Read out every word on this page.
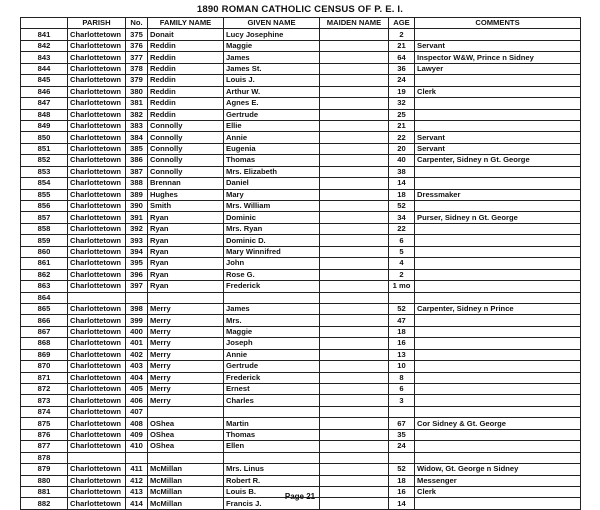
1890 ROMAN CATHOLIC CENSUS OF P. E. I.
	PARISH	No.	FAMILY NAME	GIVEN NAME	MAIDEN NAME	AGE	COMMENTS
841	Charlottetown	375	Donait	Lucy Josephine		2	
842	Charlottetown	376	Reddin	Maggie		21	Servant
843	Charlottetown	377	Reddin	James		64	Inspector W&W, Prince n Sidney
844	Charlottetown	378	Reddin	James St.		36	Lawyer
845	Charlottetown	379	Reddin	Louis J.		24	
846	Charlottetown	380	Reddin	Arthur W.		19	Clerk
847	Charlottetown	381	Reddin	Agnes E.		32	
848	Charlottetown	382	Reddin	Gertrude		25	
849	Charlottetown	383	Connolly	Ellie		21	
850	Charlottetown	384	Connolly	Annie		22	Servant
851	Charlottetown	385	Connolly	Eugenia		20	Servant
852	Charlottetown	386	Connolly	Thomas		40	Carpenter, Sidney n Gt. George
853	Charlottetown	387	Connolly	Mrs. Elizabeth		38	
854	Charlottetown	388	Brennan	Daniel		14	
855	Charlottetown	389	Hughes	Mary		18	Dressmaker
856	Charlottetown	390	Smith	Mrs. William		52	
857	Charlottetown	391	Ryan	Dominic		34	Purser, Sidney n Gt. George
858	Charlottetown	392	Ryan	Mrs. Ryan		22	
859	Charlottetown	393	Ryan	Dominic D.		6	
860	Charlottetown	394	Ryan	Mary Winnifred		5	
861	Charlottetown	395	Ryan	John		4	
862	Charlottetown	396	Ryan	Rose G.		2	
863	Charlottetown	397	Ryan	Frederick		1 mo	
864							
865	Charlottetown	398	Merry	James		52	Carpenter, Sidney n Prince
866	Charlottetown	399	Merry	Mrs.		47	
867	Charlottetown	400	Merry	Maggie		18	
868	Charlottetown	401	Merry	Joseph		16	
869	Charlottetown	402	Merry	Annie		13	
870	Charlottetown	403	Merry	Gertrude		10	
871	Charlottetown	404	Merry	Frederick		8	
872	Charlottetown	405	Merry	Ernest		6	
873	Charlottetown	406	Merry	Charles		3	
874	Charlottetown	407					
875	Charlottetown	408	OShea	Martin		67	Cor Sidney & Gt. George
876	Charlottetown	409	OShea	Thomas		35	
877	Charlottetown	410	OShea	Ellen		24	
878							
879	Charlottetown	411	McMillan	Mrs. Linus		52	Widow, Gt. George n Sidney
880	Charlottetown	412	McMillan	Robert R.		18	Messenger
881	Charlottetown	413	McMillan	Louis B.		16	Clerk
882	Charlottetown	414	McMillan	Francis J.		14	
Page 21
